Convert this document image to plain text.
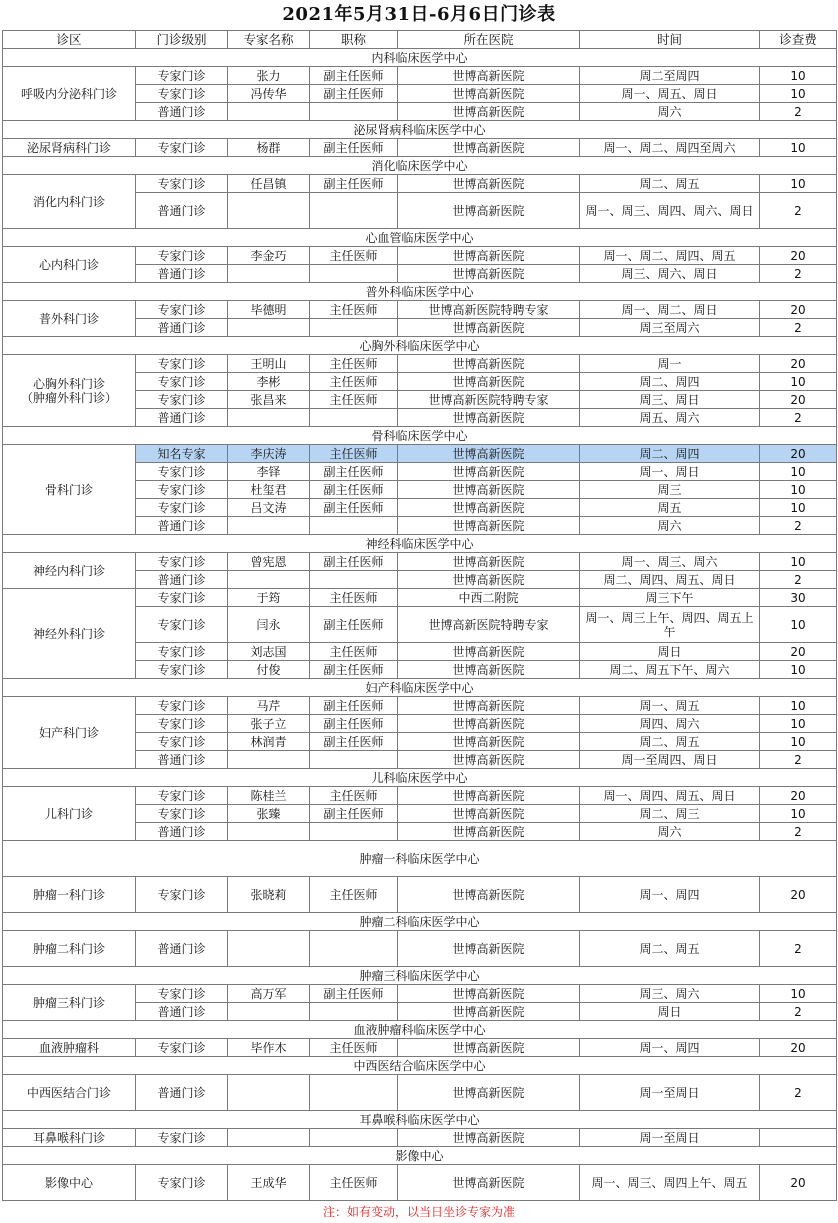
2021年5月31日-6月6日门诊表
诊区	门诊级别	专家名称	职称	所在医院	时间	诊查费
内科临床医学中心						
呼吸内分泌科门诊	专家门诊	张力	副主任医师	世博高新医院	周二至周四	10
	专家门诊	冯传华	副主任医师	世博高新医院	周一、周五、周日	10
	普通门诊			世博高新医院	周六	2
泌尿肾病科临床医学中心						
泌尿肾病科门诊	专家门诊	杨群	副主任医师	世博高新医院	周一、周二、周四至周六	10
消化临床医学中心						
消化内科门诊	专家门诊	任昌镇	副主任医师	世博高新医院	周二、周五	10
	普通门诊			世博高新医院	周一、周三、周四、周六、周日	2
心血管临床医学中心						
心内科门诊	专家门诊	李金巧	主任医师	世博高新医院	周一、周二、周四、周五	20
	普通门诊			世博高新医院	周三、周六、周日	2
普外科临床医学中心						
普外科门诊	专家门诊	毕德明	主任医师	世博高新医院特聘专家	周一、周二、周日	20
	普通门诊			世博高新医院	周三至周六	2
心胸外科临床医学中心						
心胸外科门诊
（肿瘤外科门诊）	专家门诊	王明山	主任医师	世博高新医院	周一	20
	专家门诊	李彬	主任医师	世博高新医院	周二、周四	10
	专家门诊	张昌来	主任医师	世博高新医院特聘专家	周三、周日	20
	普通门诊			世博高新医院	周五、周六	2
骨科临床医学中心						
骨科门诊	知名专家	李庆涛	主任医师	世博高新医院	周二、周四	20
	专家门诊	李铎	副主任医师	世博高新医院	周一、周日	10
	专家门诊	杜玺君	副主任医师	世博高新医院	周三	10
	专家门诊	吕文涛	副主任医师	世博高新医院	周五	10
	普通门诊			世博高新医院	周六	2
神经科临床医学中心						
神经内科门诊	专家门诊	曾宪恩	副主任医师	世博高新医院	周一、周三、周六	10
	普通门诊			世博高新医院	周二、周四、周五、周日	2
神经外科门诊	专家门诊	于筠	主任医师	中西二附院	周三下午	30
	专家门诊	闫永	副主任医师	世博高新医院特聘专家	周一、周三上午、周四、周五上午	10
	专家门诊	刘志国	主任医师	世博高新医院	周日	20
	专家门诊	付俊	副主任医师	世博高新医院	周二、周五下午、周六	10
妇产科临床医学中心						
妇产科门诊	专家门诊	马芹	副主任医师	世博高新医院	周一、周五	10
	专家门诊	张子立	副主任医师	世博高新医院	周四、周六	10
	专家门诊	林润青	副主任医师	世博高新医院	周二、周五	10
	普通门诊			世博高新医院	周一至周四、周日	2
儿科临床医学中心						
儿科门诊	专家门诊	陈桂兰	主任医师	世博高新医院	周一、周四、周五、周日	20
	专家门诊	张臻	副主任医师	世博高新医院	周二、周三	10
	普通门诊			世博高新医院	周六	2
肿瘤一科临床医学中心						
肿瘤一科门诊	专家门诊	张晓莉	主任医师	世博高新医院	周一、周四	20
肿瘤二科临床医学中心						
肿瘤二科门诊	普通门诊			世博高新医院	周二、周五	2
肿瘤三科临床医学中心						
肿瘤三科门诊	专家门诊	高万军	副主任医师	世博高新医院	周三、周六	10
	普通门诊			世博高新医院	周日	2
血液肿瘤科临床医学中心						
血液肿瘤科	专家门诊	毕作木	主任医师	世博高新医院	周一、周四	20
中西医结合临床医学中心						
中西医结合门诊	普通门诊			世博高新医院	周一至周日	2
耳鼻喉科临床医学中心						
耳鼻喉科门诊	专家门诊			世博高新医院	周一至周日	
影像中心						
影像中心	专家门诊	王成华	主任医师	世博高新医院	周一、周三、周四上午、周五	20
注：如有变动，以当日坐诊专家为准
